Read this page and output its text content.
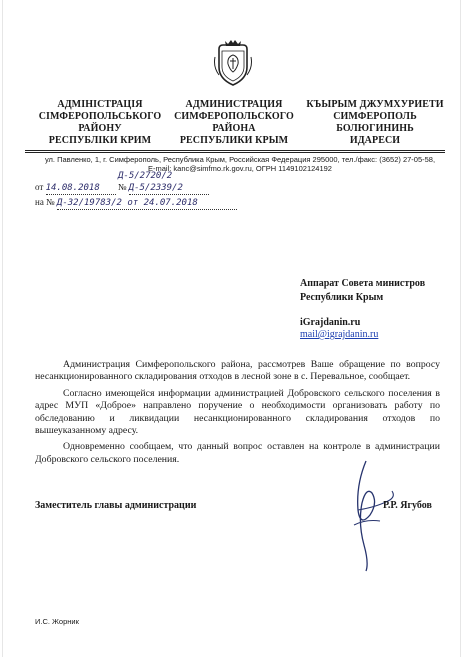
АДМІНІСТРАЦІЯ
СІМФЕРОПОЛЬСЬКОГО
РАЙОНУ
РЕСПУБЛІКИ КРИМ
АДМИНИСТРАЦИЯ
СИМФЕРОПОЛЬСКОГО
РАЙОНА
РЕСПУБЛИКИ КРЫМ
КЪЫРЫМ ДЖУМХУРИЕТИ
СИМФЕРОПОЛЬ
БОЛЮГИНИНЬ
ИДАРЕСИ
ул. Павленко, 1, г. Симферополь, Республика Крым, Российская Федерация 295000, тел./факс: (3652) 27-05-58,
E-mail: kanc@simfmo.rk.gov.ru, ОГРН 1149102124192
от 14.08.2018 № Д-5/2339/2
Д-5/2720/2
на № Д-32/19783/2 от 24.07.2018
Аппарат Совета министров
Республики Крым
iGrajdanin.ru
mail@igrajdanin.ru

Администрация Симферопольского района, рассмотрев Ваше обращение по вопросу несанкционированного складирования отходов в лесной зоне в с. Перевальное, сообщает.

Согласно имеющейся информации администрацией Добровского сельского поселения в адрес МУП «Доброе» направлено поручение о необходимости организовать работу по обследованию и ликвидации несанкционированного складирования отходов по вышеуказанному адресу.

Одновременно сообщаем, что данный вопрос оставлен на контроле в администрации Добровского сельского поселения.

Заместитель главы администрации	Р.Р. Ягубов
И.С. Жорник
